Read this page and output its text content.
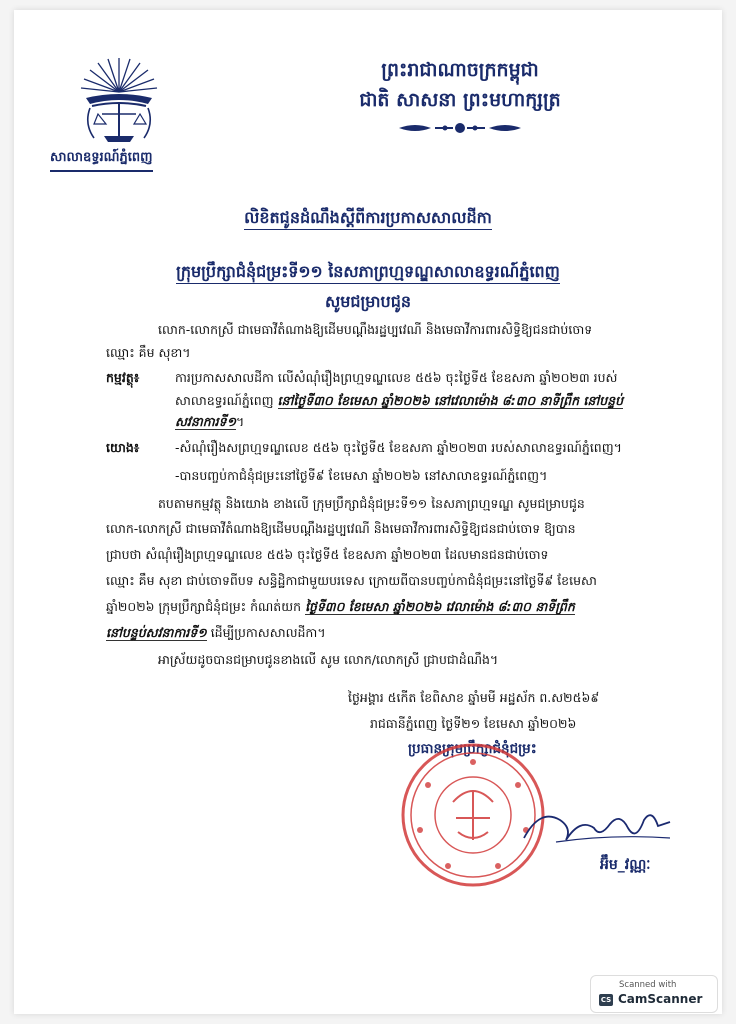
សាលាឧទ្ធរណ៍ភ្នំពេញ
ព្រះរាជាណាចក្រកម្ពុជា
ជាតិ សាសនា ព្រះមហាក្សត្រ
លិខិតជូនដំណឹងស្តីពីការប្រកាសសាលដីកា
ក្រុមប្រឹក្សាជំនុំជម្រះទី១១ នៃសភាព្រហ្មទណ្ឌសាលាឧទ្ធរណ៍ភ្នំពេញ
សូមជម្រាបជូន
លោក-លោកស្រី ជាមេធាវីតំណាងឱ្យដើមបណ្តឹងរដ្ឋប្បវេណី និងមេធាវីការពារសិទ្ធិឱ្យជនជាប់ចោទ
ឈ្មោះ គឹម សុខា។
កម្មវត្ថុ៖	ការប្រកាសសាលដីកា លើសំណុំរឿងព្រហ្មទណ្ឌលេខ ៥៥៦ ចុះថ្ងៃទី៥ ខែឧសភា ឆ្នាំ២០២៣ របស់
សាលាឧទ្ធរណ៍ភ្នំពេញ នៅថ្ងៃទី៣០ ខែមេសា ឆ្នាំ២០២៦ នៅវេលាម៉ោង ៨:៣០ នាទីព្រឹក នៅបន្ទប់
សវនាការទី១។
យោង៖	-សំណុំរឿងសព្រហ្មទណ្ឌលេខ ៥៥៦ ចុះថ្ងៃទី៥ ខែឧសភា ឆ្នាំ២០២៣ របស់សាលាឧទ្ធរណ៍ភ្នំពេញ។
-បានបញ្ចប់កាជំនុំជម្រះនៅថ្ងៃទី៩ ខែមេសា ឆ្នាំ២០២៦ នៅសាលាឧទ្ធរណ៍ភ្នំពេញ។
តបតាមកម្មវត្ថុ និងយោង ខាងលើ ក្រុមប្រឹក្សាជំនុំជម្រះទី១១ នៃសភាព្រហ្មទណ្ឌ សូមជម្រាបជូន
លោក-លោកស្រី ជាមេធាវីតំណាងឱ្យដើមបណ្តឹងរដ្ឋប្បវេណី និងមេធាវីការពារសិទ្ធិឱ្យជនជាប់ចោទ ឱ្យបាន
ជ្រាបថា សំណុំរឿងព្រហ្មទណ្ឌលេខ ៥៥៦ ចុះថ្ងៃទី៥ ខែឧសភា ឆ្នាំ២០២៣ ដែលមានជនជាប់ចោទ
ឈ្មោះ គឹម សុខា ជាប់ចោទពីបទ សន្ធិដ្ឋិកាជាមួយបរទេស ក្រោយពីបានបញ្ចប់កាជំនុំជម្រះនៅថ្ងៃទី៩ ខែមេសា
ឆ្នាំ២០២៦ ក្រុមប្រឹក្សាជំនុំជម្រះ កំណត់យក ថ្ងៃទី៣០ ខែមេសា ឆ្នាំ២០២៦ វេលាម៉ោង ៨:៣០ នាទីព្រឹក
នៅបន្ទប់សវនាការទី១ ដើម្បីប្រកាសសាលដីកា។
អាស្រ័យដូចបានជម្រាបជូនខាងលើ សូម លោក/លោកស្រី ជ្រាបជាដំណឹង។
ថ្ងៃអង្គារ ៥កើត ខែពិសាខ ឆ្នាំមមី អដ្ឋស័ក ព.ស២៥៦៩
រាជធានីភ្នំពេញ ថ្ងៃទី២១ ខែមេសា ឆ្នាំ២០២៦
ប្រធានក្រុមប្រឹក្សាជំនុំជម្រះ
អ៊ឹម_វណ្ណៈ
Scanned with
CS CamScanner
